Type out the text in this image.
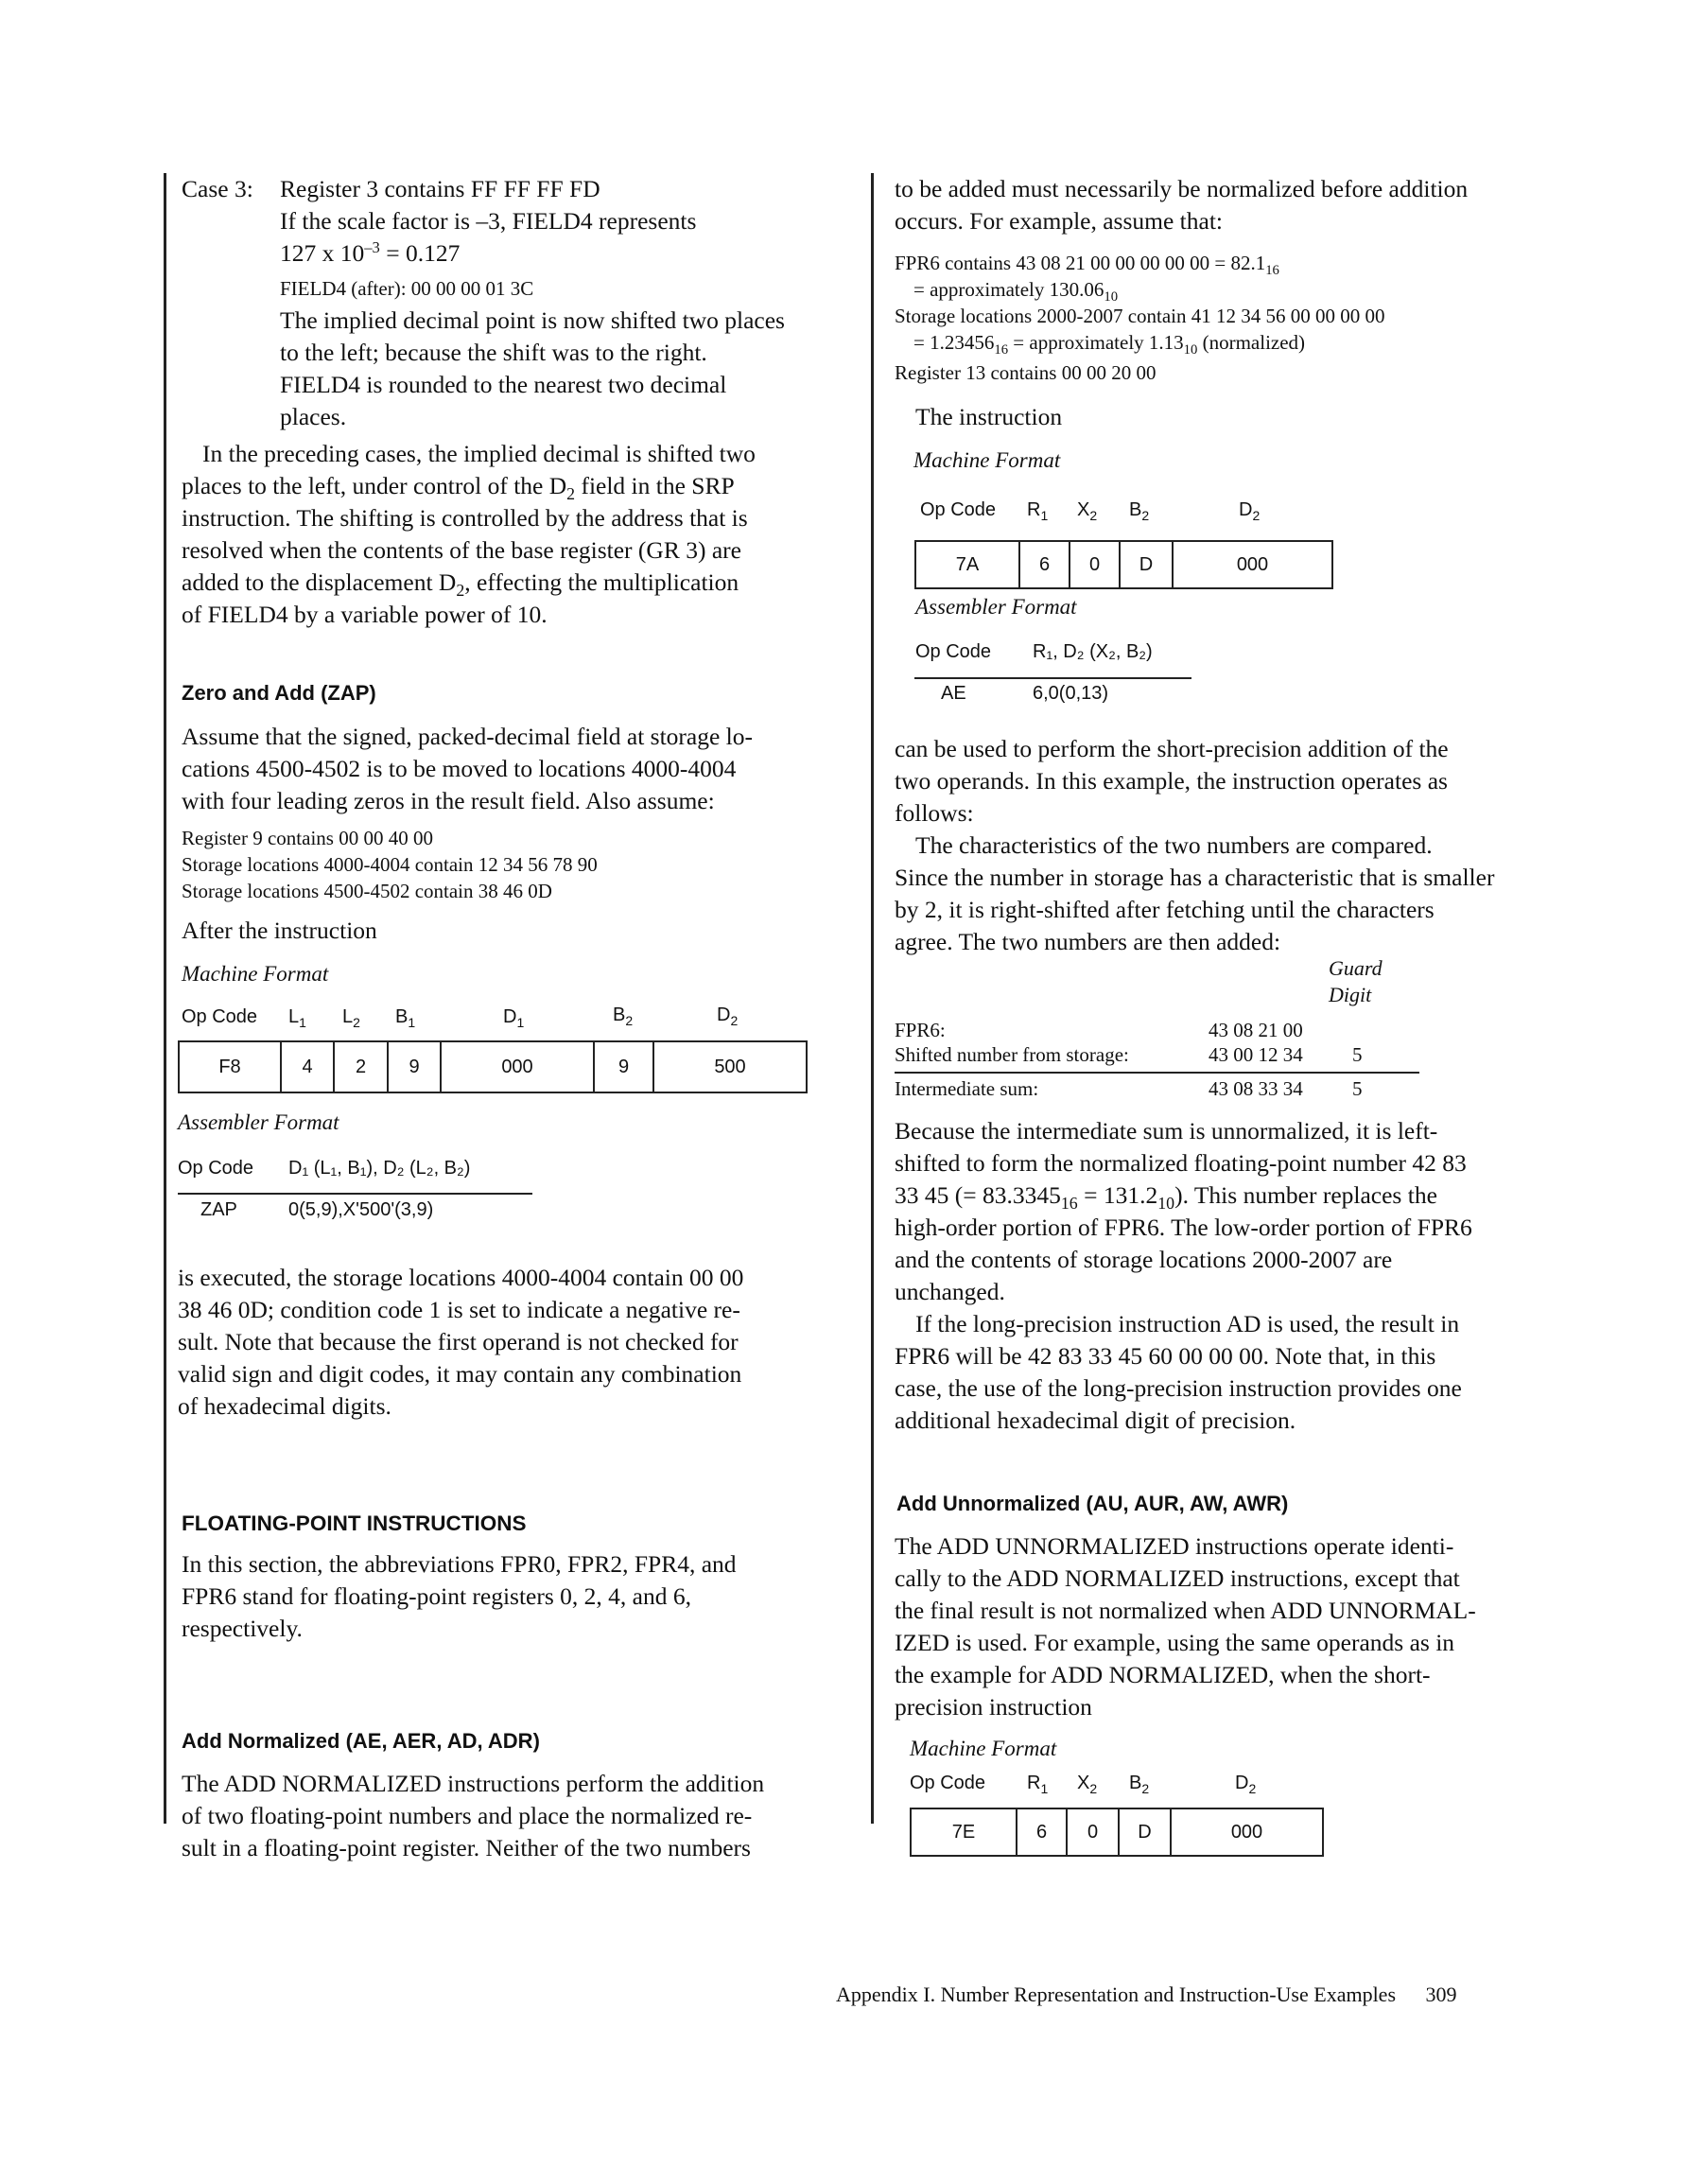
Case 3: Register 3 contains FF FF FF FD
If the scale factor is –3, FIELD4 represents
127 x $10^{-3} = 0.127$
FIELD4 (after): 00 00 00 01 3C
The implied decimal point is now shifted two places
to the left; because the shift was to the right.
FIELD4 is rounded to the nearest two decimal
places.
In the preceding cases, the implied decimal is shifted two
places to the left, under control of the $D_2$ field in the SRP
instruction. The shifting is controlled by the address that is
resolved when the contents of the base register (GR 3) are
added to the displacement $D_2$, effecting the multiplication
of FIELD4 by a variable power of 10.
Zero and Add (ZAP)
Assume that the signed, packed-decimal field at storage lo-
cations 4500-4502 is to be moved to locations 4000-4004
with four leading zeros in the result field. Also assume:
Register 9 contains 00 00 40 00
Storage locations 4000-4004 contain 12 34 56 78 90
Storage locations 4500-4502 contain 38 46 0D
After the instruction
Machine Format
Op Code $L_1$ $L_2$ $B_1$	$D_1$	$B_2$	$D_2$
F8	4	2	9	000	9	500
Assembler Format
Op Code D₁ (L₁, B₁), D₂ (L₂, B₂)
ZAP	0(5,9),X'500'(3,9)
is executed, the storage locations 4000-4004 contain 00 00
38 46 0D; condition code 1 is set to indicate a negative re-
sult. Note that because the first operand is not checked for
valid sign and digit codes, it may contain any combination
of hexadecimal digits.
FLOATING-POINT INSTRUCTIONS
In this section, the abbreviations FPR0, FPR2, FPR4, and
FPR6 stand for floating-point registers 0, 2, 4, and 6,
respectively.
Add Normalized (AE, AER, AD, ADR)
The ADD NORMALIZED instructions perform the addition
of two floating-point numbers and place the normalized re-
sult in a floating-point register. Neither of the two numbers
to be added must necessarily be normalized before addition
occurs. For example, assume that:
FPR6 contains 43 08 21 00 00 00 00 $00 = 82.1_{16}$
= approximately $130.06_{10}$
Storage locations 2000-2007 contain 41 12 34 56 00 00 00 00
= $1.23456_{16}$ = approximately $1.13_{10}$ (normalized)
Register 13 contains 00 00 20 00
The instruction
Machine Format
Op Code $R_1$ $X_2$ $B_2$	$D_2$
7A	6	0	D	000
Assembler Format
Op Code R₁, D₂ (X₂, B₂)
AE	6,0(0,13)
can be used to perform the short-precision addition of the
two operands. In this example, the instruction operates as
follows:
The characteristics of the two numbers are compared.
Since the number in storage has a characteristic that is smaller
by 2, it is right-shifted after fetching until the characters
agree. The two numbers are then added:
Guard
Digit
FPR6:	43 08 21 00
Shifted number from storage:	43 00 12 34 5
Intermediate sum:	43 08 33 34 5
Because the intermediate sum is unnormalized, it is left-
shifted to form the normalized floating-point number 42 83
33 45 (= $83.3345_{16} = 131.2_{10}$). This number replaces the
high-order portion of FPR6. The low-order portion of FPR6
and the contents of storage locations 2000-2007 are
unchanged.
If the long-precision instruction AD is used, the result in
FPR6 will be 42 83 33 45 60 00 00 00. Note that, in this
case, the use of the long-precision instruction provides one
additional hexadecimal digit of precision.
Add Unnormalized (AU, AUR, AW, AWR)
The ADD UNNORMALIZED instructions operate identi-
cally to the ADD NORMALIZED instructions, except that
the final result is not normalized when ADD UNNORMAL-
IZED is used. For example, using the same operands as in
the example for ADD NORMALIZED, when the short-
precision instruction
Machine Format
Op Code $R_1$ $X_2$ $B_2$	$D_2$
7E	6	0	D	000
Appendix I. Number Representation and Instruction-Use Examples 309
